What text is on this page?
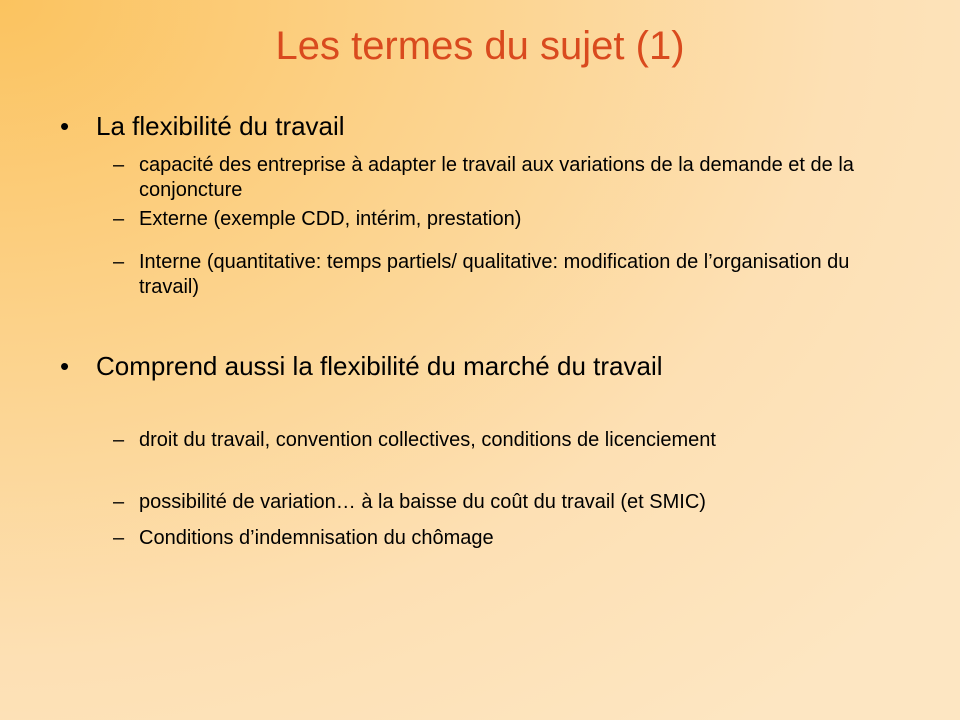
Les termes du sujet (1)
• La flexibilité du travail
– capacité des entreprise à adapter le travail aux variations de la demande et de la conjoncture
– Externe (exemple CDD, intérim, prestation)
– Interne (quantitative: temps partiels/ qualitative: modification de l’organisation du travail)
• Comprend aussi la flexibilité du marché du travail
– droit du travail, convention collectives, conditions de licenciement
– possibilité de variation… à la baisse du coût du travail (et SMIC)
– Conditions d’indemnisation du chômage
